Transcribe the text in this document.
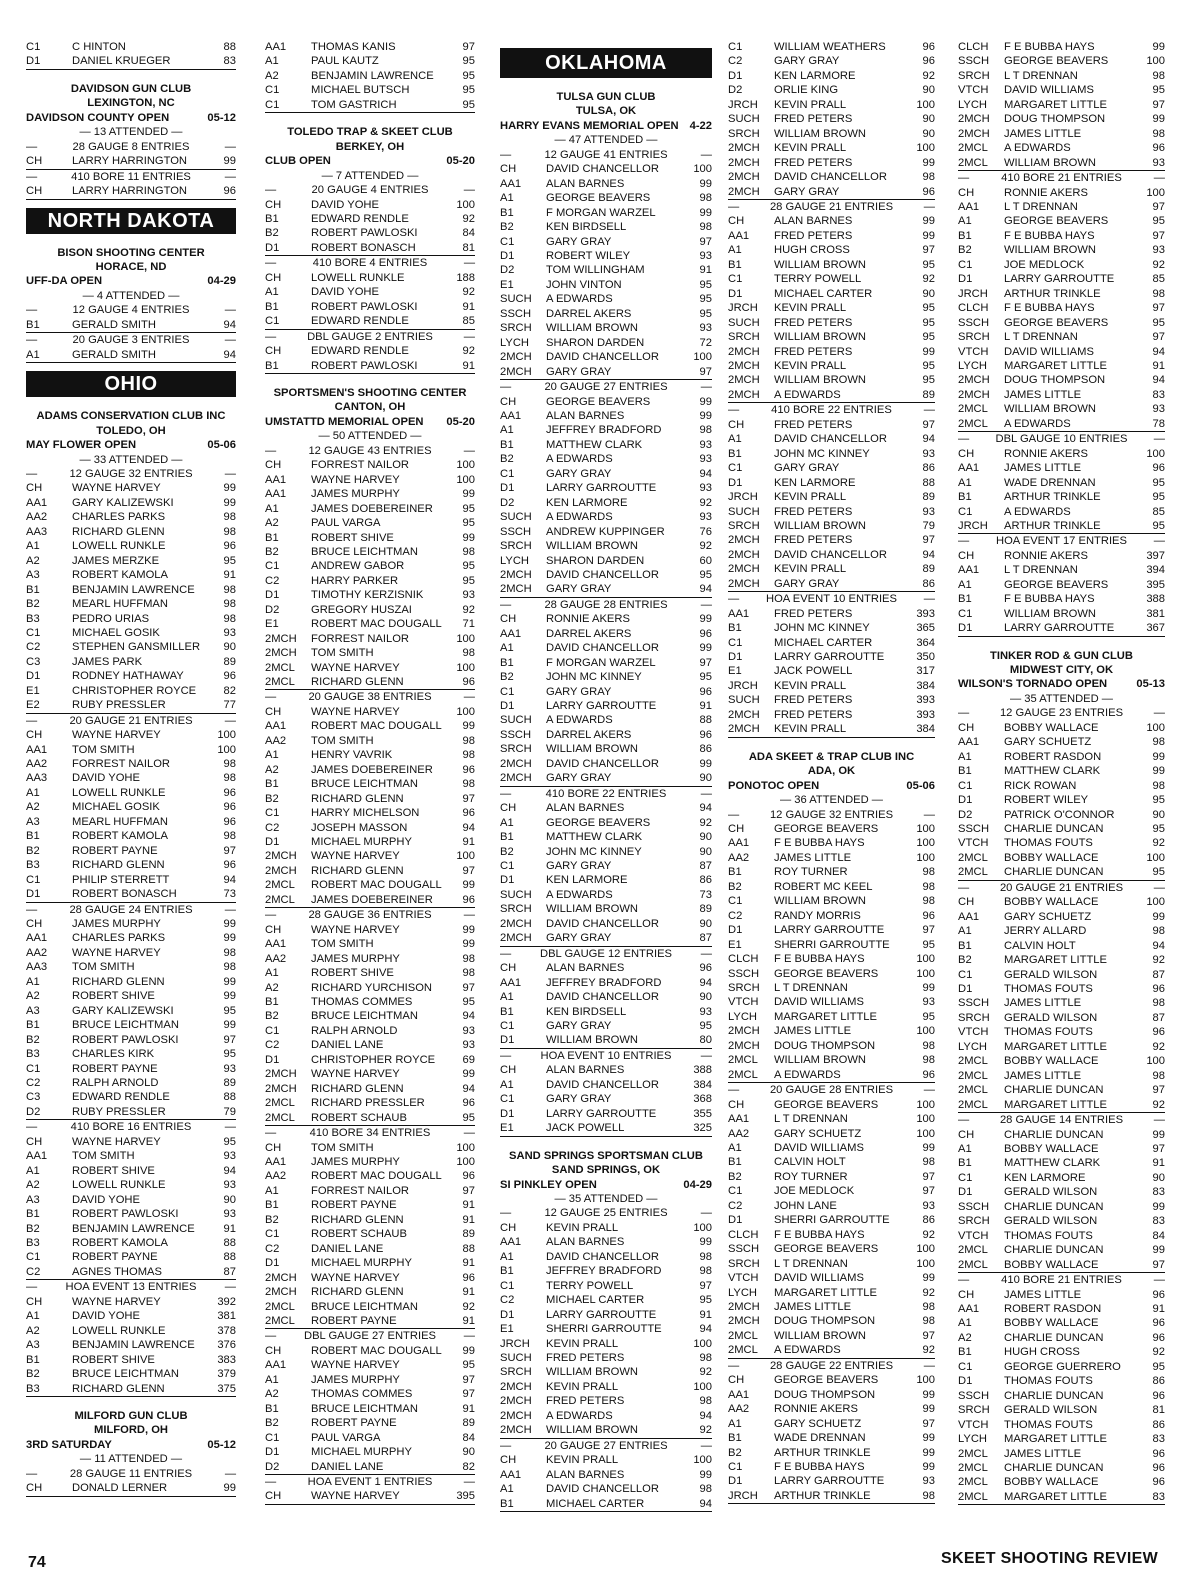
C1	C HINTON	88
D1	DANIEL KRUEGER	83
DAVIDSON GUN CLUB
LEXINGTON, NC
DAVIDSON COUNTY OPEN	05-12
— 13 ATTENDED —
—	28 GAUGE 8 ENTRIES	—
CH	LARRY HARRINGTON	99
—	410 BORE 11 ENTRIES	—
CH	LARRY HARRINGTON	96
NORTH DAKOTA
BISON SHOOTING CENTER
HORACE, ND
UFF-DA OPEN	04-29
— 4 ATTENDED —
—	12 GAUGE 4 ENTRIES	—
B1	GERALD SMITH	94
—	20 GAUGE 3 ENTRIES	—
A1	GERALD SMITH	94
OHIO
ADAMS CONSERVATION CLUB INC
TOLEDO, OH
MAY FLOWER OPEN	05-06
— 33 ATTENDED —
—	12 GAUGE 32 ENTRIES	—
CH	WAYNE HARVEY	99
AA1	GARY KALIZEWSKI	99
AA2	CHARLES PARKS	98
AA3	RICHARD GLENN	98
A1	LOWELL RUNKLE	96
A2	JAMES MERZKE	95
A3	ROBERT KAMOLA	91
B1	BENJAMIN LAWRENCE	98
B2	MEARL HUFFMAN	98
B3	PEDRO URIAS	98
C1	MICHAEL GOSIK	93
C2	STEPHEN GANSMILLER	90
C3	JAMES PARK	89
D1	RODNEY HATHAWAY	96
E1	CHRISTOPHER ROYCE	82
E2	RUBY PRESSLER	77
—	20 GAUGE 21 ENTRIES	—
CH	WAYNE HARVEY	100
AA1	TOM SMITH	100
AA2	FORREST NAILOR	98
AA3	DAVID YOHE	98
A1	LOWELL RUNKLE	96
A2	MICHAEL GOSIK	96
A3	MEARL HUFFMAN	96
B1	ROBERT KAMOLA	98
B2	ROBERT PAYNE	97
B3	RICHARD GLENN	96
C1	PHILIP STERRETT	94
D1	ROBERT BONASCH	73
—	28 GAUGE 24 ENTRIES	—
CH	JAMES MURPHY	99
AA1	CHARLES PARKS	99
AA2	WAYNE HARVEY	98
AA3	TOM SMITH	98
A1	RICHARD GLENN	99
A2	ROBERT SHIVE	99
A3	GARY KALIZEWSKI	95
B1	BRUCE LEICHTMAN	99
B2	ROBERT PAWLOSKI	97
B3	CHARLES KIRK	95
C1	ROBERT PAYNE	93
C2	RALPH ARNOLD	89
C3	EDWARD RENDLE	88
D2	RUBY PRESSLER	79
—	410 BORE 16 ENTRIES	—
CH	WAYNE HARVEY	95
AA1	TOM SMITH	93
A1	ROBERT SHIVE	94
A2	LOWELL RUNKLE	93
A3	DAVID YOHE	90
B1	ROBERT PAWLOSKI	93
B2	BENJAMIN LAWRENCE	91
B3	ROBERT KAMOLA	88
C1	ROBERT PAYNE	88
C2	AGNES THOMAS	87
—	HOA EVENT 13 ENTRIES	—
CH	WAYNE HARVEY	392
A1	DAVID YOHE	381
A2	LOWELL RUNKLE	378
A3	BENJAMIN LAWRENCE	376
B1	ROBERT SHIVE	383
B2	BRUCE LEICHTMAN	379
B3	RICHARD GLENN	375
MILFORD GUN CLUB
MILFORD, OH
3RD SATURDAY	05-12
— 11 ATTENDED —
—	28 GAUGE 11 ENTRIES	—
CH	DONALD LERNER	99
AA1	THOMAS KANIS	97
A1	PAUL KAUTZ	95
A2	BENJAMIN LAWRENCE	95
C1	MICHAEL BUTSCH	95
C1	TOM GASTRICH	95
TOLEDO TRAP & SKEET CLUB
BERKEY, OH
CLUB OPEN	05-20
— 7 ATTENDED —
—	20 GAUGE 4 ENTRIES	—
CH	DAVID YOHE	100
B1	EDWARD RENDLE	92
B2	ROBERT PAWLOSKI	84
D1	ROBERT BONASCH	81
—	410 BORE 4 ENTRIES	—
CH	LOWELL RUNKLE	188
A1	DAVID YOHE	92
B1	ROBERT PAWLOSKI	91
C1	EDWARD RENDLE	85
—	DBL GAUGE 2 ENTRIES	—
CH	EDWARD RENDLE	92
B1	ROBERT PAWLOSKI	91
SPORTSMEN'S SHOOTING CENTER
CANTON, OH
UMSTATTD MEMORIAL OPEN 05-20
— 50 ATTENDED —
—	12 GAUGE 43 ENTRIES	—
CH	FORREST NAILOR	100
AA1	WAYNE HARVEY	100
AA1	JAMES MURPHY	99
A1	JAMES DOEBEREINER	95
A2	PAUL VARGA	95
B1	ROBERT SHIVE	99
B2	BRUCE LEICHTMAN	98
C1	ANDREW GABOR	95
C2	HARRY PARKER	95
D1	TIMOTHY KERZISNIK	93
D2	GREGORY HUSZAI	92
E1	ROBERT MAC DOUGALL	71
2MCH	FORREST NAILOR	100
2MCH	TOM SMITH	98
2MCL	WAYNE HARVEY	100
2MCL	RICHARD GLENN	96
—	20 GAUGE 38 ENTRIES	—
CH	WAYNE HARVEY	100
AA1	ROBERT MAC DOUGALL	99
AA2	TOM SMITH	98
A1	HENRY VAVRIK	98
A2	JAMES DOEBEREINER	96
B1	BRUCE LEICHTMAN	98
B2	RICHARD GLENN	97
C1	HARRY MICHELSON	96
C2	JOSEPH MASSON	94
D1	MICHAEL MURPHY	91
2MCH	WAYNE HARVEY	100
2MCH	RICHARD GLENN	97
2MCL	ROBERT MAC DOUGALL	99
2MCL	JAMES DOEBEREINER	96
—	28 GAUGE 36 ENTRIES	—
CH	WAYNE HARVEY	99
AA1	TOM SMITH	99
AA2	JAMES MURPHY	98
A1	ROBERT SHIVE	98
A2	RICHARD YURCHISON	97
B1	THOMAS COMMES	95
B2	BRUCE LEICHTMAN	94
C1	RALPH ARNOLD	93
C2	DANIEL LANE	93
D1	CHRISTOPHER ROYCE	69
2MCH	WAYNE HARVEY	99
2MCH	RICHARD GLENN	94
2MCL	RICHARD PRESSLER	96
2MCL	ROBERT SCHAUB	95
—	410 BORE 34 ENTRIES	—
CH	TOM SMITH	100
AA1	JAMES MURPHY	100
AA2	ROBERT MAC DOUGALL	96
A1	FORREST NAILOR	97
B1	ROBERT PAYNE	91
B2	RICHARD GLENN	91
C1	ROBERT SCHAUB	89
C2	DANIEL LANE	88
D1	MICHAEL MURPHY	91
2MCH	WAYNE HARVEY	96
2MCH	RICHARD GLENN	91
2MCL	BRUCE LEICHTMAN	92
2MCL	ROBERT PAYNE	91
— DBL GAUGE 27 ENTRIES —
CH	ROBERT MAC DOUGALL	99
AA1	WAYNE HARVEY	95
A1	JAMES MURPHY	97
A2	THOMAS COMMES	97
B1	BRUCE LEICHTMAN	91
B2	ROBERT PAYNE	89
C1	PAUL VARGA	84
D1	MICHAEL MURPHY	90
D2	DANIEL LANE	82
—	HOA EVENT 1 ENTRIES	—
CH	WAYNE HARVEY	395
OKLAHOMA
TULSA GUN CLUB
TULSA, OK
HARRY EVANS MEMORIAL OPEN 4-22
— 47 ATTENDED —
—	12 GAUGE 41 ENTRIES	—
CH	DAVID CHANCELLOR	100
AA1	ALAN BARNES	99
A1	GEORGE BEAVERS	98
B1	F MORGAN WARZEL	99
B2	KEN BIRDSELL	98
C1	GARY GRAY	97
D1	ROBERT WILEY	93
D2	TOM WILLINGHAM	91
E1	JOHN VINTON	95
SUCH	A EDWARDS	95
SSCH	DARREL AKERS	95
SRCH	WILLIAM BROWN	93
LYCH	SHARON DARDEN	72
2MCH	DAVID CHANCELLOR	100
2MCH	GARY GRAY	97
—	20 GAUGE 27 ENTRIES	—
CH	GEORGE BEAVERS	99
AA1	ALAN BARNES	99
A1	JEFFREY BRADFORD	98
B1	MATTHEW CLARK	93
B2	A EDWARDS	93
C1	GARY GRAY	94
D1	LARRY GARROUTTE	93
D2	KEN LARMORE	92
SUCH	A EDWARDS	93
SSCH	ANDREW KUPPINGER	76
SRCH	WILLIAM BROWN	92
LYCH	SHARON DARDEN	60
2MCH	DAVID CHANCELLOR	95
2MCH	GARY GRAY	94
—	28 GAUGE 28 ENTRIES	—
CH	RONNIE AKERS	99
AA1	DARREL AKERS	96
A1	DAVID CHANCELLOR	99
B1	F MORGAN WARZEL	97
B2	JOHN MC KINNEY	95
C1	GARY GRAY	96
D1	LARRY GARROUTTE	91
SUCH	A EDWARDS	88
SSCH	DARREL AKERS	96
SRCH	WILLIAM BROWN	86
2MCH	DAVID CHANCELLOR	99
2MCH	GARY GRAY	90
—	410 BORE 22 ENTRIES	—
CH	ALAN BARNES	94
A1	GEORGE BEAVERS	92
B1	MATTHEW CLARK	90
B2	JOHN MC KINNEY	90
C1	GARY GRAY	87
D1	KEN LARMORE	86
SUCH	A EDWARDS	73
SRCH	WILLIAM BROWN	89
2MCH	DAVID CHANCELLOR	90
2MCH	GARY GRAY	87
—	DBL GAUGE 12 ENTRIES	—
CH	ALAN BARNES	96
AA1	JEFFREY BRADFORD	94
A1	DAVID CHANCELLOR	90
B1	KEN BIRDSELL	93
C1	GARY GRAY	95
D1	WILLIAM BROWN	80
—	HOA EVENT 10 ENTRIES	—
CH	ALAN BARNES	388
A1	DAVID CHANCELLOR	384
C1	GARY GRAY	368
D1	LARRY GARROUTTE	355
E1	JACK POWELL	325
SAND SPRINGS SPORTSMAN CLUB
SAND SPRINGS, OK
SI PINKLEY OPEN	04-29
— 35 ATTENDED —
—	12 GAUGE 25 ENTRIES	—
CH	KEVIN PRALL	100
AA1	ALAN BARNES	99
A1	DAVID CHANCELLOR	98
B1	JEFFREY BRADFORD	98
C1	TERRY POWELL	97
C2	MICHAEL CARTER	95
D1	LARRY GARROUTTE	91
E1	SHERRI GARROUTTE	94
JRCH	KEVIN PRALL	100
SUCH	FRED PETERS	98
SRCH	WILLIAM BROWN	92
2MCH	KEVIN PRALL	100
2MCH	FRED PETERS	98
2MCH	A EDWARDS	94
2MCH	WILLIAM BROWN	92
—	20 GAUGE 27 ENTRIES	—
CH	KEVIN PRALL	100
AA1	ALAN BARNES	99
A1	DAVID CHANCELLOR	98
B1	MICHAEL CARTER	94
C1	WILLIAM WEATHERS	96
C2	GARY GRAY	96
D1	KEN LARMORE	92
D2	ORLIE KING	90
JRCH	KEVIN PRALL	100
SUCH	FRED PETERS	90
SRCH	WILLIAM BROWN	90
2MCH	KEVIN PRALL	100
2MCH	FRED PETERS	99
2MCH	DAVID CHANCELLOR	98
2MCH	GARY GRAY	96
—	28 GAUGE 21 ENTRIES	—
CH	ALAN BARNES	99
AA1	FRED PETERS	99
A1	HUGH CROSS	97
B1	WILLIAM BROWN	95
C1	TERRY POWELL	92
D1	MICHAEL CARTER	90
JRCH	KEVIN PRALL	95
SUCH	FRED PETERS	95
SRCH	WILLIAM BROWN	95
2MCH	FRED PETERS	99
2MCH	KEVIN PRALL	95
2MCH	WILLIAM BROWN	95
2MCH	A EDWARDS	89
—	410 BORE 22 ENTRIES	—
CH	FRED PETERS	97
A1	DAVID CHANCELLOR	94
B1	JOHN MC KINNEY	93
C1	GARY GRAY	86
D1	KEN LARMORE	88
JRCH	KEVIN PRALL	89
SUCH	FRED PETERS	93
SRCH	WILLIAM BROWN	79
2MCH	FRED PETERS	97
2MCH	DAVID CHANCELLOR	94
2MCH	KEVIN PRALL	89
2MCH	GARY GRAY	86
— HOA EVENT 10 ENTRIES —
AA1	FRED PETERS	393
B1	JOHN MC KINNEY	365
C1	MICHAEL CARTER	364
D1	LARRY GARROUTTE	350
E1	JACK POWELL	317
JRCH	KEVIN PRALL	384
SUCH	FRED PETERS	393
2MCH	FRED PETERS	393
2MCH	KEVIN PRALL	384
ADA SKEET & TRAP CLUB INC
ADA, OK
PONOTOC OPEN	05-06
— 36 ATTENDED —
—	12 GAUGE 32 ENTRIES	—
CH	GEORGE BEAVERS	100
AA1	F E BUBBA HAYS	100
AA2	JAMES LITTLE	100
B1	ROY TURNER	98
B2	ROBERT MC KEEL	98
C1	WILLIAM BROWN	98
C2	RANDY MORRIS	96
D1	LARRY GARROUTTE	97
E1	SHERRI GARROUTTE	95
CLCH	F E BUBBA HAYS	100
SSCH	GEORGE BEAVERS	100
SRCH	L T DRENNAN	99
VTCH	DAVID WILLIAMS	93
LYCH	MARGARET LITTLE	95
2MCH	JAMES LITTLE	100
2MCH	DOUG THOMPSON	98
2MCL	WILLIAM BROWN	98
2MCL	A EDWARDS	96
—	20 GAUGE 28 ENTRIES	—
CH	GEORGE BEAVERS	100
AA1	L T DRENNAN	100
AA2	GARY SCHUETZ	100
A1	DAVID WILLIAMS	99
B1	CALVIN HOLT	98
B2	ROY TURNER	97
C1	JOE MEDLOCK	97
C2	JOHN LANE	93
D1	SHERRI GARROUTTE	86
CLCH	F E BUBBA HAYS	92
SSCH	GEORGE BEAVERS	100
SRCH	L T DRENNAN	100
VTCH	DAVID WILLIAMS	99
LYCH	MARGARET LITTLE	92
2MCH	JAMES LITTLE	98
2MCH	DOUG THOMPSON	98
2MCL	WILLIAM BROWN	97
2MCL	A EDWARDS	92
—	28 GAUGE 22 ENTRIES	—
CH	GEORGE BEAVERS	100
AA1	DOUG THOMPSON	99
AA2	RONNIE AKERS	99
A1	GARY SCHUETZ	97
B1	WADE DRENNAN	99
B2	ARTHUR TRINKLE	99
C1	F E BUBBA HAYS	99
D1	LARRY GARROUTTE	93
JRCH	ARTHUR TRINKLE	98
CLCH	F E BUBBA HAYS	99
SSCH	GEORGE BEAVERS	100
SRCH	L T DRENNAN	98
VTCH	DAVID WILLIAMS	95
LYCH	MARGARET LITTLE	97
2MCH	DOUG THOMPSON	99
2MCH	JAMES LITTLE	98
2MCL	A EDWARDS	96
2MCL	WILLIAM BROWN	93
—	410 BORE 21 ENTRIES	—
CH	RONNIE AKERS	100
AA1	L T DRENNAN	97
A1	GEORGE BEAVERS	95
B1	F E BUBBA HAYS	97
B2	WILLIAM BROWN	93
C1	JOE MEDLOCK	92
D1	LARRY GARROUTTE	85
JRCH	ARTHUR TRINKLE	98
CLCH	F E BUBBA HAYS	97
SSCH	GEORGE BEAVERS	95
SRCH	L T DRENNAN	97
VTCH	DAVID WILLIAMS	94
LYCH	MARGARET LITTLE	91
2MCH	DOUG THOMPSON	94
2MCH	JAMES LITTLE	83
2MCL	WILLIAM BROWN	93
2MCL	A EDWARDS	78
— DBL GAUGE 10 ENTRIES —
CH	RONNIE AKERS	100
AA1	JAMES LITTLE	96
A1	WADE DRENNAN	95
B1	ARTHUR TRINKLE	95
C1	A EDWARDS	85
JRCH	ARTHUR TRINKLE	95
— HOA EVENT 17 ENTRIES —
CH	RONNIE AKERS	397
AA1	L T DRENNAN	394
A1	GEORGE BEAVERS	395
B1	F E BUBBA HAYS	388
C1	WILLIAM BROWN	381
D1	LARRY GARROUTTE	367
TINKER ROD & GUN CLUB
MIDWEST CITY, OK
WILSON'S TORNADO OPEN	05-13
— 35 ATTENDED —
—	12 GAUGE 23 ENTRIES	—
CH	BOBBY WALLACE	100
AA1	GARY SCHUETZ	98
A1	ROBERT RASDON	99
B1	MATTHEW CLARK	99
C1	RICK ROWAN	98
D1	ROBERT WILEY	95
D2	PATRICK O'CONNOR	90
SSCH	CHARLIE DUNCAN	95
VTCH	THOMAS FOUTS	92
2MCL	BOBBY WALLACE	100
2MCL	CHARLIE DUNCAN	95
—	20 GAUGE 21 ENTRIES	—
CH	BOBBY WALLACE	100
AA1	GARY SCHUETZ	99
A1	JERRY ALLARD	98
B1	CALVIN HOLT	94
B2	MARGARET LITTLE	92
C1	GERALD WILSON	87
D1	THOMAS FOUTS	96
SSCH	JAMES LITTLE	98
SRCH	GERALD WILSON	87
VTCH	THOMAS FOUTS	96
LYCH	MARGARET LITTLE	92
2MCL	BOBBY WALLACE	100
2MCL	JAMES LITTLE	98
2MCL	CHARLIE DUNCAN	97
2MCL	MARGARET LITTLE	92
—	28 GAUGE 14 ENTRIES	—
CH	CHARLIE DUNCAN	99
A1	BOBBY WALLACE	97
B1	MATTHEW CLARK	91
C1	KEN LARMORE	90
D1	GERALD WILSON	83
SSCH	CHARLIE DUNCAN	99
SRCH	GERALD WILSON	83
VTCH	THOMAS FOUTS	84
2MCL	CHARLIE DUNCAN	99
2MCL	BOBBY WALLACE	97
—	410 BORE 21 ENTRIES	—
CH	JAMES LITTLE	96
AA1	ROBERT RASDON	91
A1	BOBBY WALLACE	96
A2	CHARLIE DUNCAN	96
B1	HUGH CROSS	92
C1	GEORGE GUERRERO	95
D1	THOMAS FOUTS	86
SSCH	CHARLIE DUNCAN	96
SRCH	GERALD WILSON	81
VTCH	THOMAS FOUTS	86
LYCH	MARGARET LITTLE	83
2MCL	JAMES LITTLE	96
2MCL	CHARLIE DUNCAN	96
2MCL	BOBBY WALLACE	96
2MCL	MARGARET LITTLE	83
74	SKEET SHOOTING REVIEW
